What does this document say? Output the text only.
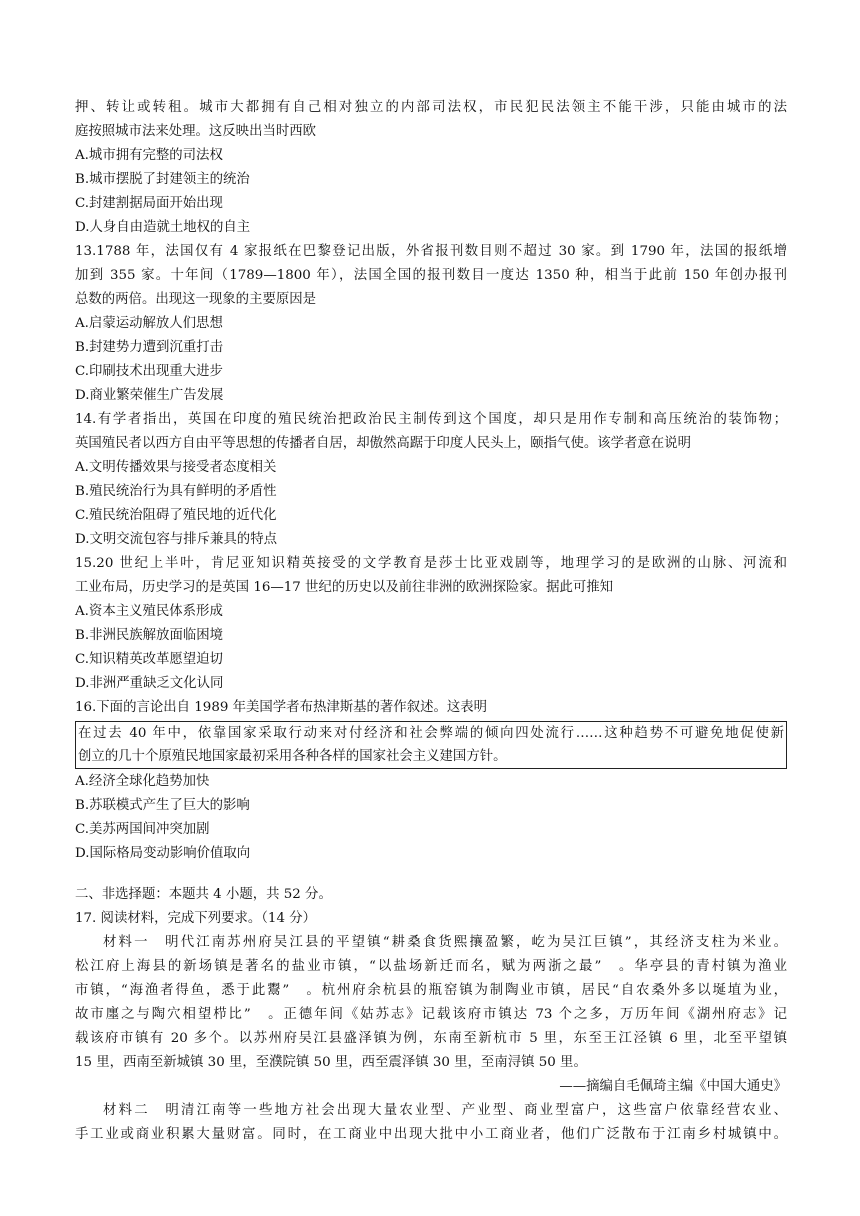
押、转让或转租。城市大都拥有自己相对独立的内部司法权，市民犯民法领主不能干涉，只能由城市的法
庭按照城市法来处理。这反映出当时西欧
A.城市拥有完整的司法权
B.城市摆脱了封建领主的统治
C.封建割据局面开始出现
D.人身自由造就土地权的自主
13.1788 年，法国仅有 4 家报纸在巴黎登记出版，外省报刊数目则不超过 30 家。到 1790 年，法国的报纸增
加到 355 家。十年间（1789—1800 年），法国全国的报刊数目一度达 1350 种，相当于此前 150 年创办报刊
总数的两倍。出现这一现象的主要原因是
A.启蒙运动解放人们思想
B.封建势力遭到沉重打击
C.印刷技术出现重大进步
D.商业繁荣催生广告发展
14.有学者指出，英国在印度的殖民统治把政治民主制传到这个国度，却只是用作专制和高压统治的装饰物；
英国殖民者以西方自由平等思想的传播者自居，却傲然高踞于印度人民头上，颐指气使。该学者意在说明
A.文明传播效果与接受者态度相关
B.殖民统治行为具有鲜明的矛盾性
C.殖民统治阻碍了殖民地的近代化
D.文明交流包容与排斥兼具的特点
15.20 世纪上半叶，肯尼亚知识精英接受的文学教育是莎士比亚戏剧等，地理学习的是欧洲的山脉、河流和
工业布局，历史学习的是英国 16—17 世纪的历史以及前往非洲的欧洲探险家。据此可推知
A.资本主义殖民体系形成
B.非洲民族解放面临困境
C.知识精英改革愿望迫切
D.非洲严重缺乏文化认同
16.下面的言论出自 1989 年美国学者布热津斯基的著作叙述。这表明
在过去 40 年中，依靠国家采取行动来对付经济和社会弊端的倾向四处流行……这种趋势不可避免地促使新
创立的几十个原殖民地国家最初采用各种各样的国家社会主义建国方针。
A.经济全球化趋势加快
B.苏联模式产生了巨大的影响
C.美苏两国间冲突加剧
D.国际格局变动影响价值取向
二、非选择题：本题共 4 小题，共 52 分。
17. 阅读材料，完成下列要求。（14 分）
材料一　明代江南苏州府吴江县的平望镇“耕桑食货熙攘盈繁，屹为吴江巨镇”，其经济支柱为米业。
松江府上海县的新场镇是著名的盐业市镇，“以盐场新迁而名，赋为两浙之最”　。华亭县的青村镇为渔业
市镇，“海渔者得鱼，悉于此鬻”　。杭州府余杭县的瓶窑镇为制陶业市镇，居民“自农桑外多以埏埴为业，
故市廛之与陶穴相望栉比”　。正德年间《姑苏志》记载该府市镇达 73 个之多，万历年间《湖州府志》记
载该府市镇有 20 多个。以苏州府吴江县盛泽镇为例，东南至新杭市 5 里，东至王江泾镇 6 里，北至平望镇
15 里，西南至新城镇 30 里，至濮院镇 50 里，西至震泽镇 30 里，至南浔镇 50 里。
——摘编自毛佩琦主编《中国大通史》
材料二　明清江南等一些地方社会出现大量农业型、产业型、商业型富户，这些富户依靠经营农业、
手工业或商业积累大量财富。同时，在工商业中出现大批中小工商业者，他们广泛散布于江南乡村城镇中。
